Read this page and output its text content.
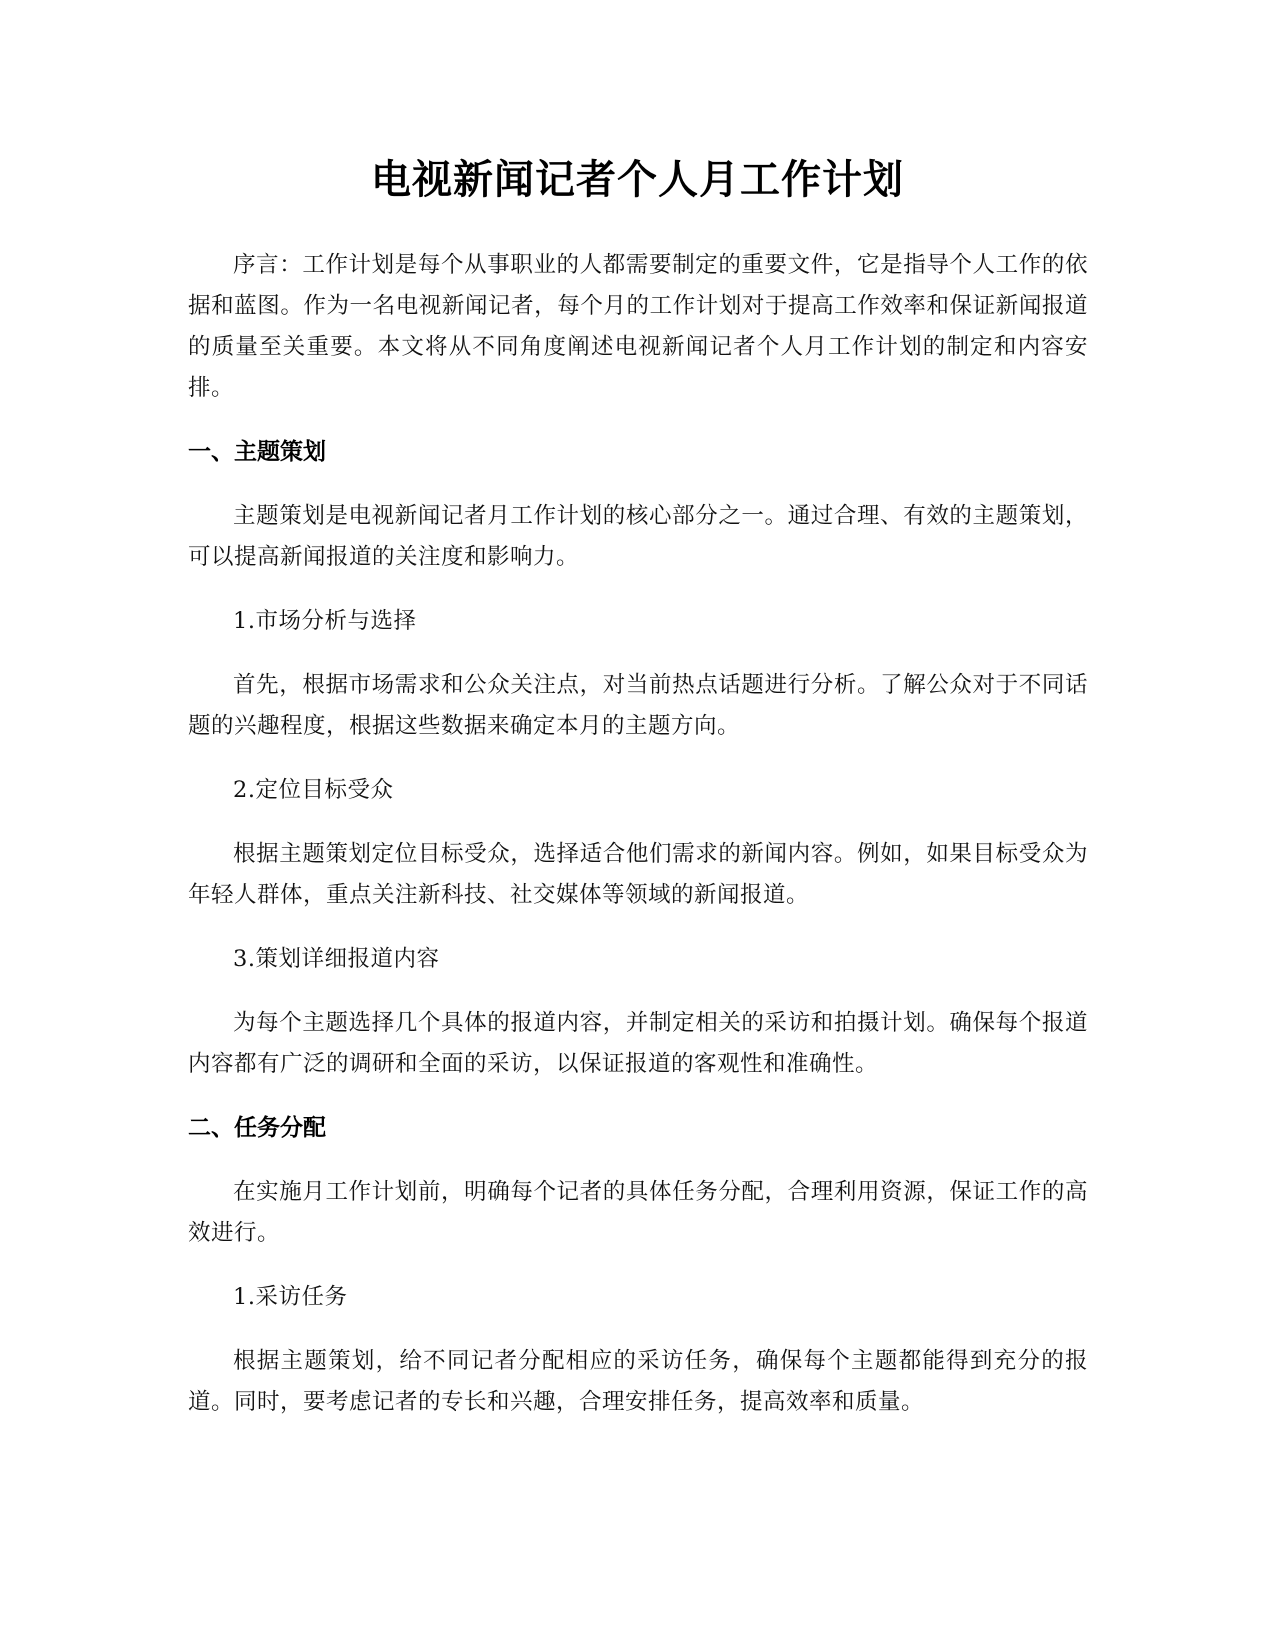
电视新闻记者个人月工作计划

序言：工作计划是每个从事职业的人都需要制定的重要文件，它是指导个人工作的依据和蓝图。作为一名电视新闻记者，每个月的工作计划对于提高工作效率和保证新闻报道的质量至关重要。本文将从不同角度阐述电视新闻记者个人月工作计划的制定和内容安排。

一、主题策划

主题策划是电视新闻记者月工作计划的核心部分之一。通过合理、有效的主题策划，可以提高新闻报道的关注度和影响力。

1.市场分析与选择

首先，根据市场需求和公众关注点，对当前热点话题进行分析。了解公众对于不同话题的兴趣程度，根据这些数据来确定本月的主题方向。

2.定位目标受众

根据主题策划定位目标受众，选择适合他们需求的新闻内容。例如，如果目标受众为年轻人群体，重点关注新科技、社交媒体等领域的新闻报道。

3.策划详细报道内容

为每个主题选择几个具体的报道内容，并制定相关的采访和拍摄计划。确保每个报道内容都有广泛的调研和全面的采访，以保证报道的客观性和准确性。

二、任务分配

在实施月工作计划前，明确每个记者的具体任务分配，合理利用资源，保证工作的高效进行。

1.采访任务

根据主题策划，给不同记者分配相应的采访任务，确保每个主题都能得到充分的报道。同时，要考虑记者的专长和兴趣，合理安排任务，提高效率和质量。
